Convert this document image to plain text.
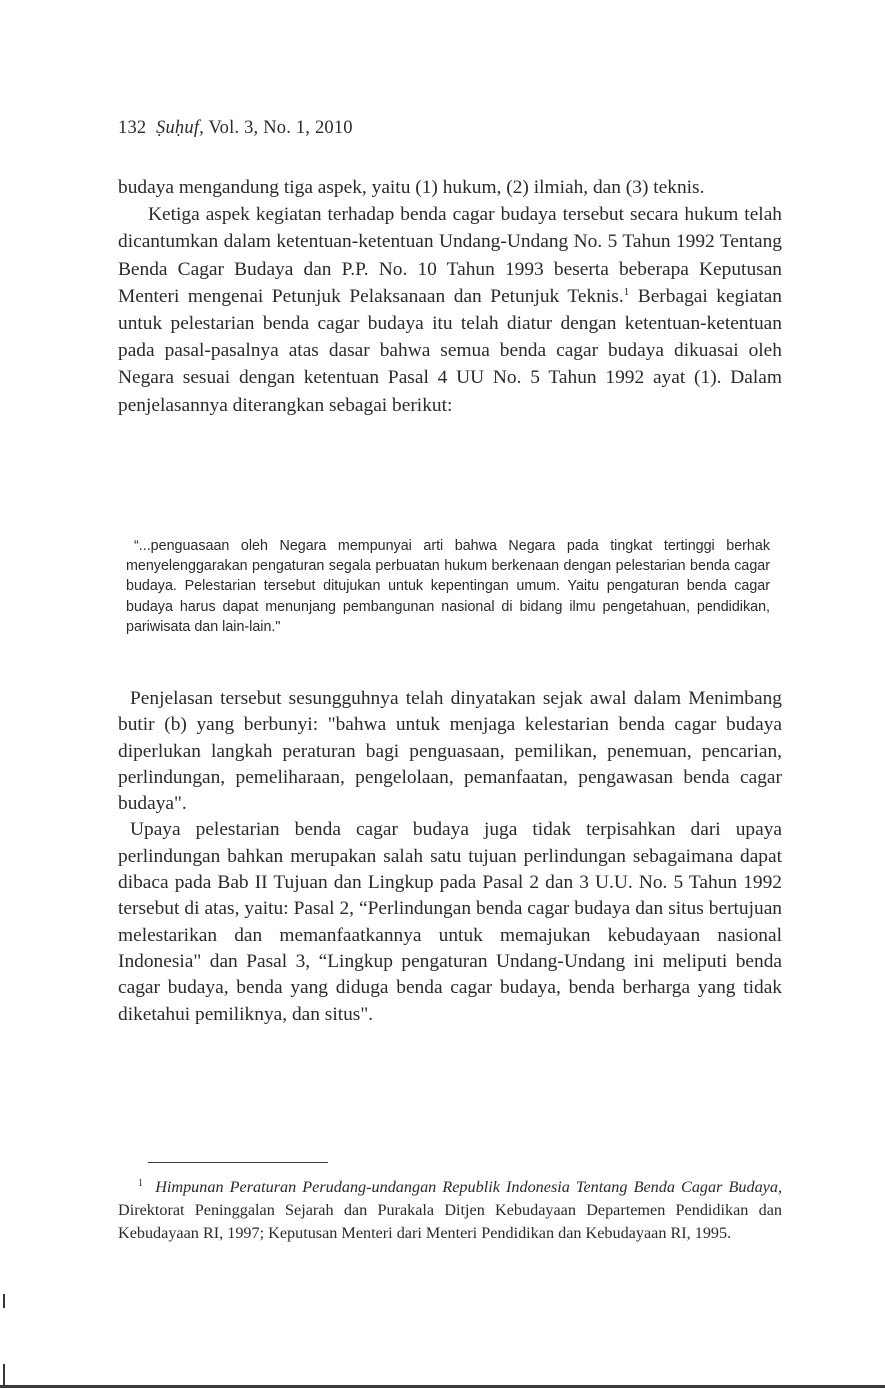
132 Ṣuḥuf, Vol. 3, No. 1, 2010

budaya mengandung tiga aspek, yaitu (1) hukum, (2) ilmiah, dan (3) teknis.

Ketiga aspek kegiatan terhadap benda cagar budaya tersebut secara hukum telah dicantumkan dalam ketentuan-ketentuan Undang-Undang No. 5 Tahun 1992 Tentang Benda Cagar Budaya dan P.P. No. 10 Tahun 1993 beserta beberapa Keputusan Menteri mengenai Petunjuk Pelaksanaan dan Petunjuk Teknis.$^1$ Berbagai kegiatan untuk pelestarian benda cagar budaya itu telah diatur dengan ketentuan-ketentuan pada pasal-pasalnya atas dasar bahwa semua benda cagar budaya dikuasai oleh Negara sesuai dengan ketentuan Pasal 4 UU No. 5 Tahun 1992 ayat (1). Dalam penjelasannya diterangkan sebagai berikut:

“...penguasaan oleh Negara mempunyai arti bahwa Negara pada tingkat tertinggi berhak menyelenggarakan pengaturan segala perbuatan hukum berkenaan dengan pelestarian benda cagar budaya. Pelestarian tersebut ditujukan untuk kepentingan umum. Yaitu pengaturan benda cagar budaya harus dapat menunjang pembangunan nasional di bidang ilmu pengetahuan, pendidikan, pariwisata dan lain-lain."

Penjelasan tersebut sesungguhnya telah dinyatakan sejak awal dalam Menimbang butir (b) yang berbunyi: "bahwa untuk menjaga kelestarian benda cagar budaya diperlukan langkah peraturan bagi penguasaan, pemilikan, penemuan, pencarian, perlindungan, pemeliharaan, pengelolaan, pemanfaatan, pengawasan benda cagar budaya".

Upaya pelestarian benda cagar budaya juga tidak terpisahkan dari upaya perlindungan bahkan merupakan salah satu tujuan perlindungan sebagaimana dapat dibaca pada Bab II Tujuan dan Lingkup pada Pasal 2 dan 3 U.U. No. 5 Tahun 1992 tersebut di atas, yaitu: Pasal 2, “Perlindungan benda cagar budaya dan situs bertujuan melestarikan dan memanfaatkannya untuk memajukan kebudayaan nasional Indonesia" dan Pasal 3, “Lingkup pengaturan Undang-Undang ini meliputi benda cagar budaya, benda yang diduga benda cagar budaya, benda berharga yang tidak diketahui pemiliknya, dan situs".

$^1$ Himpunan Peraturan Perudang-undangan Republik Indonesia Tentang Benda Cagar Budaya, Direktorat Peninggalan Sejarah dan Purakala Ditjen Kebudayaan Departemen Pendidikan dan Kebudayaan RI, 1997; Keputusan Menteri dari Menteri Pendidikan dan Kebudayaan RI, 1995.
